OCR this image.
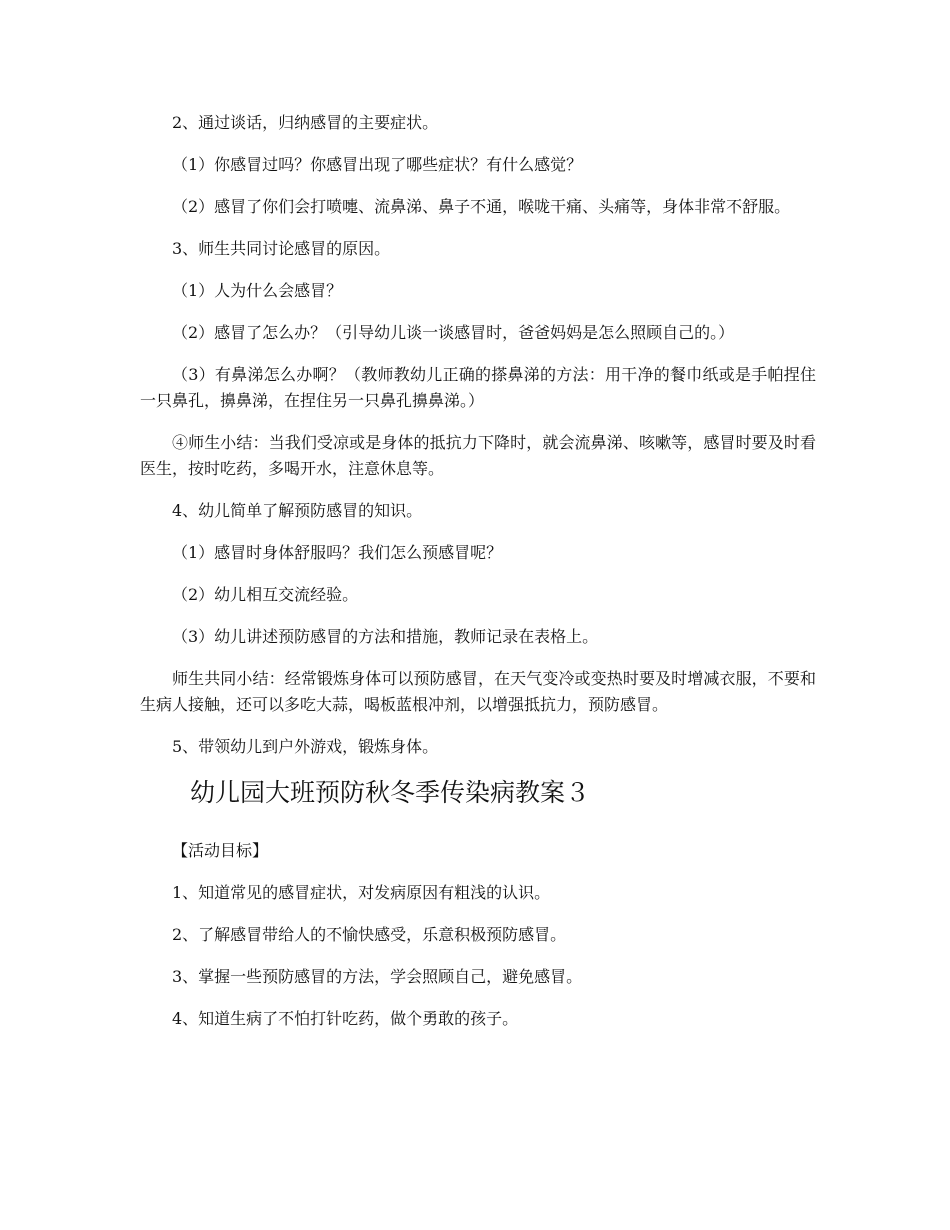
2、通过谈话，归纳感冒的主要症状。

（1）你感冒过吗？你感冒出现了哪些症状？有什么感觉？

（2）感冒了你们会打喷嚏、流鼻涕、鼻子不通，喉咙干痛、头痛等，身体非常不舒服。

3、师生共同讨论感冒的原因。

（1）人为什么会感冒？

（2）感冒了怎么办？（引导幼儿谈一谈感冒时，爸爸妈妈是怎么照顾自己的。）

（3）有鼻涕怎么办啊？（教师教幼儿正确的搽鼻涕的方法：用干净的餐巾纸或是手帕捏住一只鼻孔，擤鼻涕，在捏住另一只鼻孔擤鼻涕。）

④师生小结：当我们受凉或是身体的抵抗力下降时，就会流鼻涕、咳嗽等，感冒时要及时看医生，按时吃药，多喝开水，注意休息等。

4、幼儿简单了解预防感冒的知识。

（1）感冒时身体舒服吗？我们怎么预感冒呢？

（2）幼儿相互交流经验。

（3）幼儿讲述预防感冒的方法和措施，教师记录在表格上。

师生共同小结：经常锻炼身体可以预防感冒，在天气变冷或变热时要及时增减衣服，不要和生病人接触，还可以多吃大蒜，喝板蓝根冲剂，以增强抵抗力，预防感冒。

5、带领幼儿到户外游戏，锻炼身体。

幼儿园大班预防秋冬季传染病教案３

【活动目标】

1、知道常见的感冒症状，对发病原因有粗浅的认识。

2、了解感冒带给人的不愉快感受，乐意积极预防感冒。

3、掌握一些预防感冒的方法，学会照顾自己，避免感冒。

4、知道生病了不怕打针吃药，做个勇敢的孩子。
